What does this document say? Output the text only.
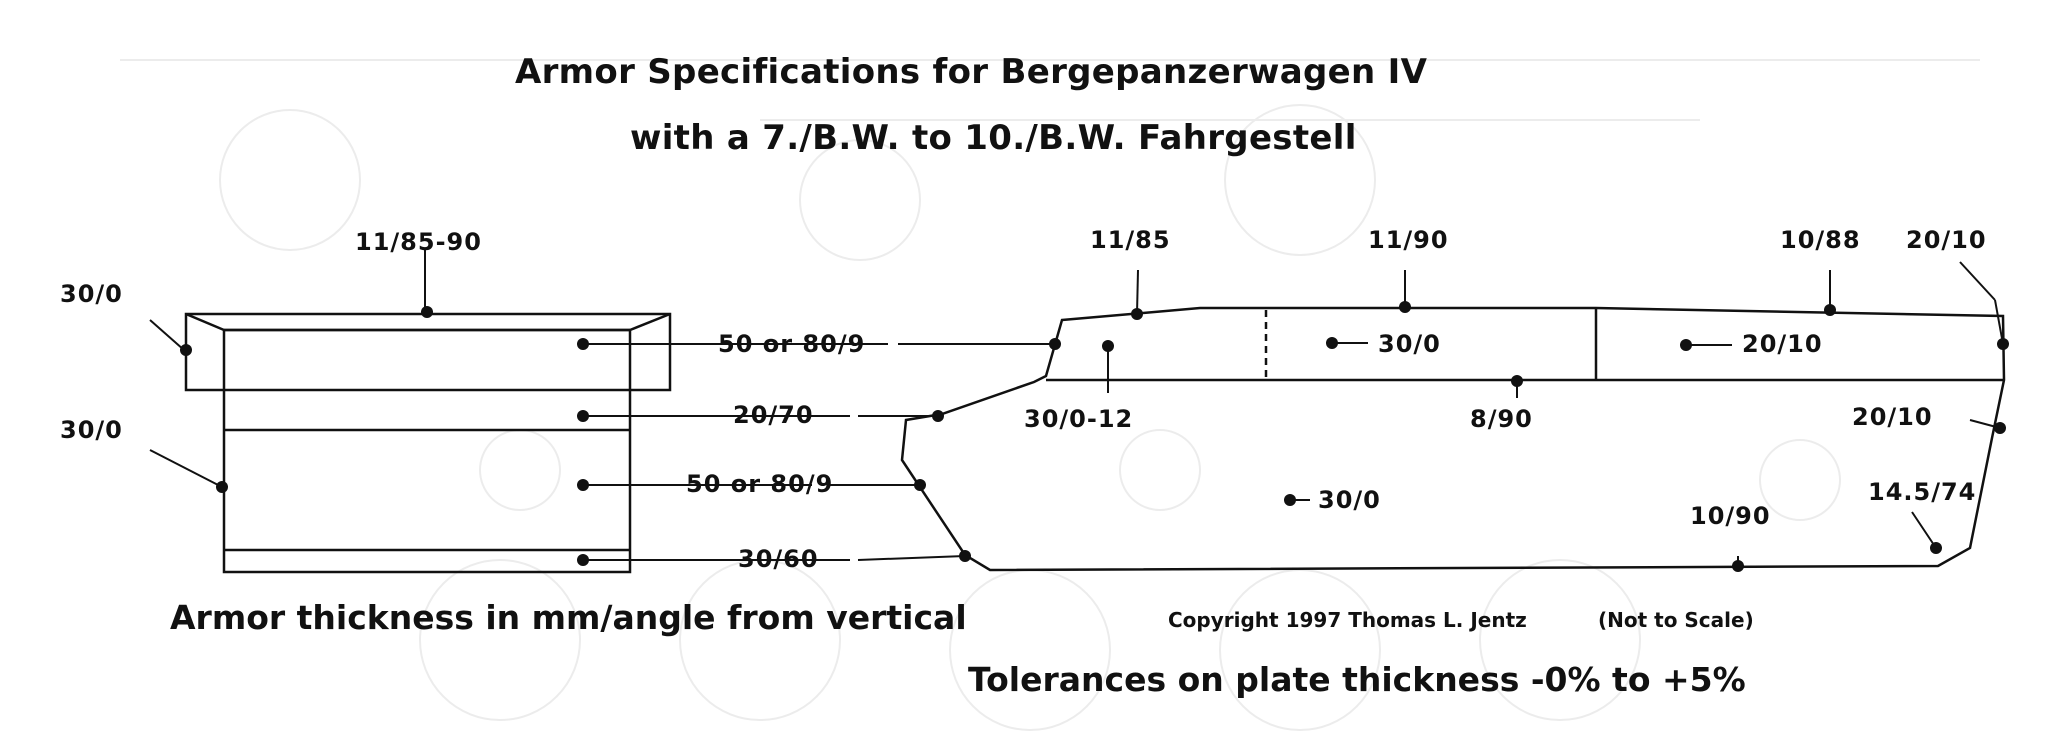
Armor Specifications for Bergepanzerwagen IV
with a 7./B.W. to 10./B.W. Fahrgestell
11/85-90
30/0
30/0
50 or 80/9
20/70
50 or 80/9
30/60
11/85
30/0-12
11/90
30/0
8/90
30/0
10/88 20/10
20/10
20/10
10/90
14.5/74
Armor thickness in mm/angle from vertical	Copyright 1997 Thomas L. Jentz	(Not to Scale)
Tolerances on plate thickness -0% to +5%
